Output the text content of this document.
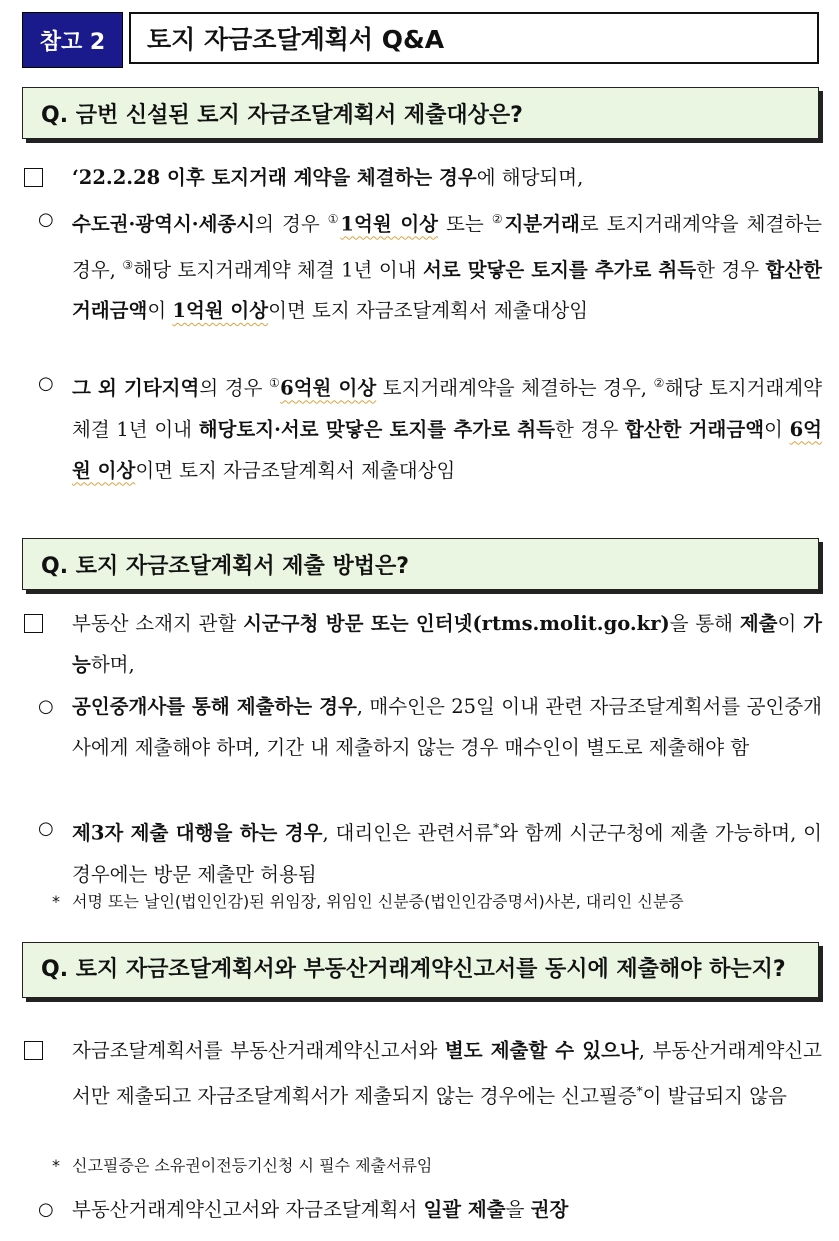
참고 2	토지 자금조달계획서 Q&A
Q. 금번 신설된 토지 자금조달계획서 제출대상은?
‘22.2.28 이후 토지거래 계약을 체결하는 경우에 해당되며,
○ 수도권·광역시·세종시의 경우 ①1억원 이상 또는 ②지분거래로 토지거래계약을 체결하는 경우, ③해당 토지거래계약 체결 1년 이내 서로 맞닿은 토지를 추가로 취득한 경우 합산한 거래금액이 1억원 이상이면 토지 자금조달계획서 제출대상임
○ 그 외 기타지역의 경우 ①6억원 이상 토지거래계약을 체결하는 경우, ②해당 토지거래계약 체결 1년 이내 해당토지·서로 맞닿은 토지를 추가로 취득한 경우 합산한 거래금액이 6억원 이상이면 토지 자금조달계획서 제출대상임
Q. 토지 자금조달계획서 제출 방법은?
부동산 소재지 관할 시군구청 방문 또는 인터넷(rtms.molit.go.kr)을 통해 제출이 가능하며,
○ 공인중개사를 통해 제출하는 경우, 매수인은 25일 이내 관련 자금조달계획서를 공인중개사에게 제출해야 하며, 기간 내 제출하지 않는 경우 매수인이 별도로 제출해야 함
○ 제3자 제출 대행을 하는 경우, 대리인은 관련서류*와 함께 시군구청에 제출 가능하며, 이 경우에는 방문 제출만 허용됨
* 서명 또는 날인(법인인감)된 위임장, 위임인 신분증(법인인감증명서)사본, 대리인 신분증
Q. 토지 자금조달계획서와 부동산거래계약신고서를 동시에 제출해야 하는지?
자금조달계획서를 부동산거래계약신고서와 별도 제출할 수 있으나, 부동산거래계약신고서만 제출되고 자금조달계획서가 제출되지 않는 경우에는 신고필증*이 발급되지 않음
* 신고필증은 소유권이전등기신청 시 필수 제출서류임
○ 부동산거래계약신고서와 자금조달계획서 일괄 제출을 권장
